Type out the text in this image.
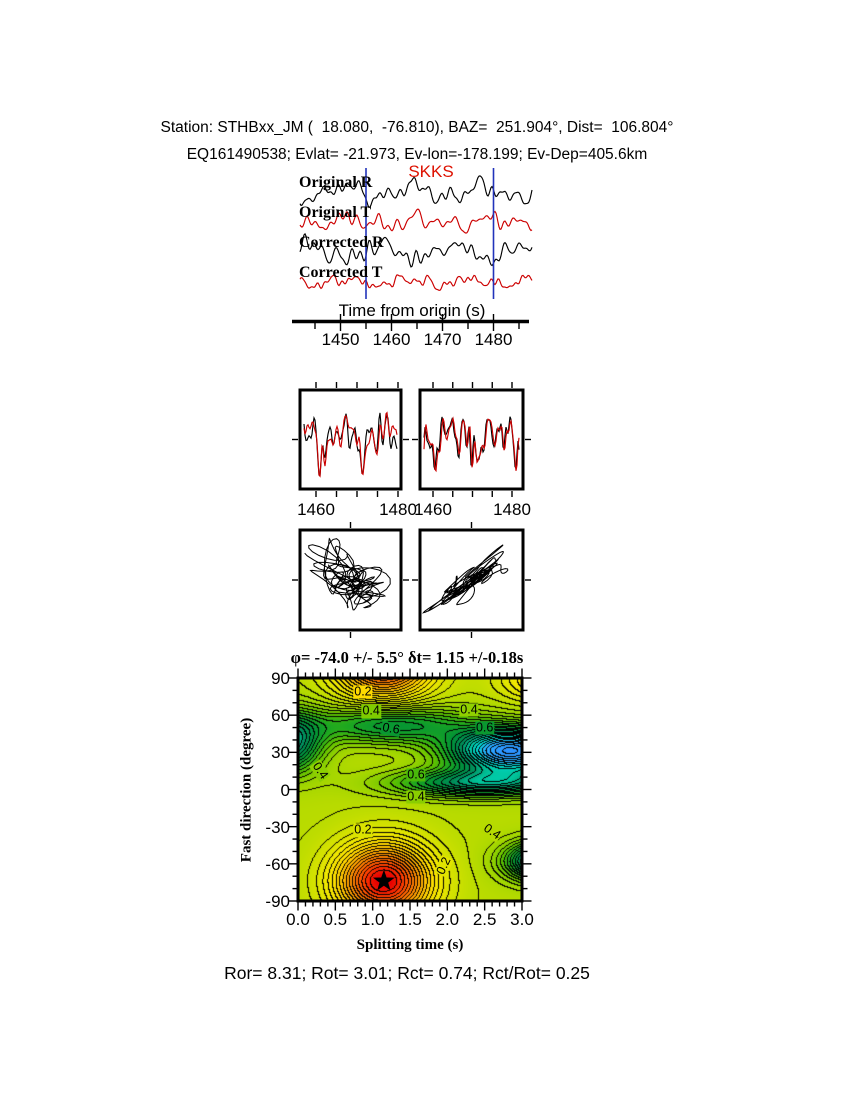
Station: STHBxx_JM (  18.080,  -76.810), BAZ=  251.904°, Dist=  106.804°
EQ161490538; Evlat= -21.973, Ev-lon=-178.199; Ev-Dep=405.6km
SKKS
Original R
Original T
Corrected R
Corrected T
Time from origin (s)
φ= -74.0 +/- 5.5° δt= 1.15 +/-0.18s
Fast direction (degree)
Splitting time (s)
Ror= 8.31; Rot= 3.01; Rct= 0.74; Rct/Rot= 0.25
1450 1460 1470 1480
1460	1480
1460 1480
0.0 0.5 1.0 1.5 2.0 2.5 3.0
90
60
30
0
-30
-60
-90
0.2
0.4
0.6
0.4
0.6
0.4	0.6
0.4
0.2	0.4
0.2
